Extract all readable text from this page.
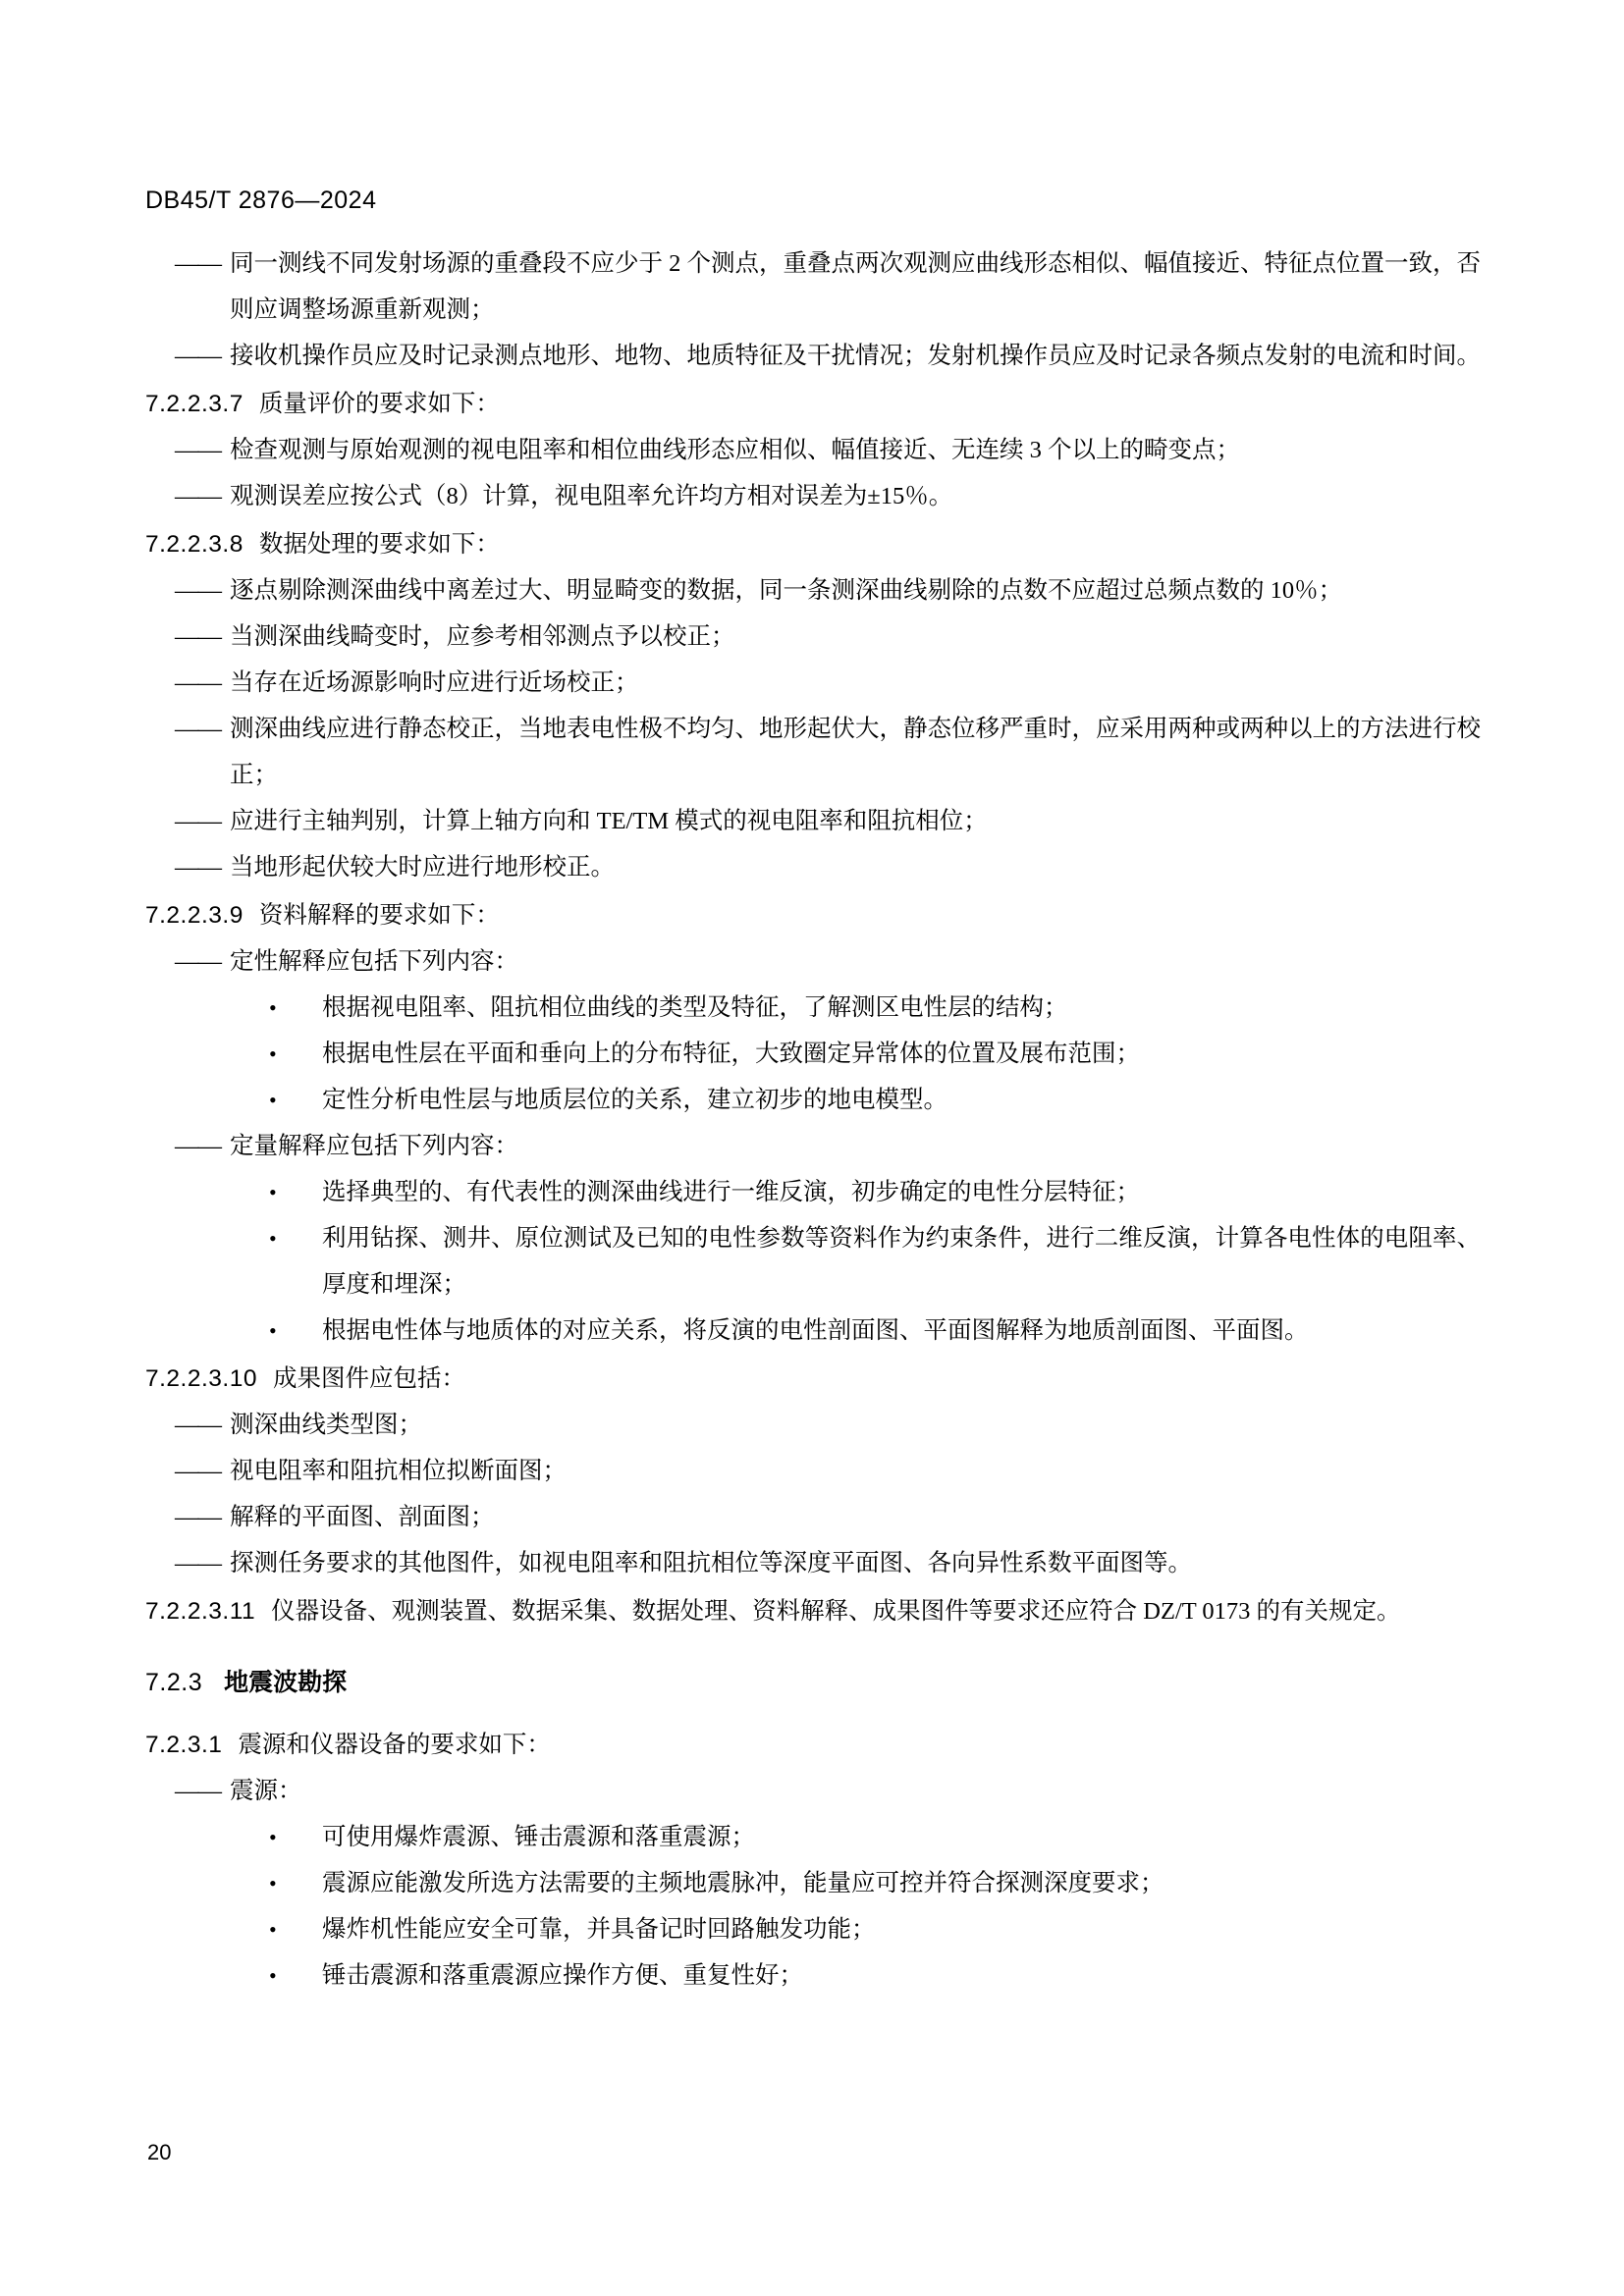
DB45/T 2876—2024

—— 同一测线不同发射场源的重叠段不应少于 2 个测点，重叠点两次观测应曲线形态相似、幅值接近、特征点位置一致，否则应调整场源重新观测；

—— 接收机操作员应及时记录测点地形、地物、地质特征及干扰情况；发射机操作员应及时记录各频点发射的电流和时间。

7.2.2.3.7 质量评价的要求如下：

—— 检查观测与原始观测的视电阻率和相位曲线形态应相似、幅值接近、无连续 3 个以上的畸变点；

—— 观测误差应按公式（8）计算，视电阻率允许均方相对误差为±15％。

7.2.2.3.8 数据处理的要求如下：

—— 逐点剔除测深曲线中离差过大、明显畸变的数据，同一条测深曲线剔除的点数不应超过总频点数的 10％；

—— 当测深曲线畸变时，应参考相邻测点予以校正；

—— 当存在近场源影响时应进行近场校正；

—— 测深曲线应进行静态校正，当地表电性极不均匀、地形起伏大，静态位移严重时，应采用两种或两种以上的方法进行校正；

—— 应进行主轴判别，计算上轴方向和 TE/TM 模式的视电阻率和阻抗相位；

—— 当地形起伏较大时应进行地形校正。

7.2.2.3.9 资料解释的要求如下：

—— 定性解释应包括下列内容：

• 根据视电阻率、阻抗相位曲线的类型及特征，了解测区电性层的结构；

• 根据电性层在平面和垂向上的分布特征，大致圈定异常体的位置及展布范围；

• 定性分析电性层与地质层位的关系，建立初步的地电模型。

—— 定量解释应包括下列内容：

• 选择典型的、有代表性的测深曲线进行一维反演，初步确定的电性分层特征；

• 利用钻探、测井、原位测试及已知的电性参数等资料作为约束条件，进行二维反演，计算各电性体的电阻率、厚度和埋深；

• 根据电性体与地质体的对应关系，将反演的电性剖面图、平面图解释为地质剖面图、平面图。

7.2.2.3.10 成果图件应包括：

—— 测深曲线类型图；

—— 视电阻率和阻抗相位拟断面图；

—— 解释的平面图、剖面图；

—— 探测任务要求的其他图件，如视电阻率和阻抗相位等深度平面图、各向异性系数平面图等。

7.2.2.3.11 仪器设备、观测装置、数据采集、数据处理、资料解释、成果图件等要求还应符合 DZ/T 0173 的有关规定。

7.2.3 地震波勘探

7.2.3.1 震源和仪器设备的要求如下：

—— 震源：

• 可使用爆炸震源、锤击震源和落重震源；

• 震源应能激发所选方法需要的主频地震脉冲，能量应可控并符合探测深度要求；

• 爆炸机性能应安全可靠，并具备记时回路触发功能；

• 锤击震源和落重震源应操作方便、重复性好；

20
